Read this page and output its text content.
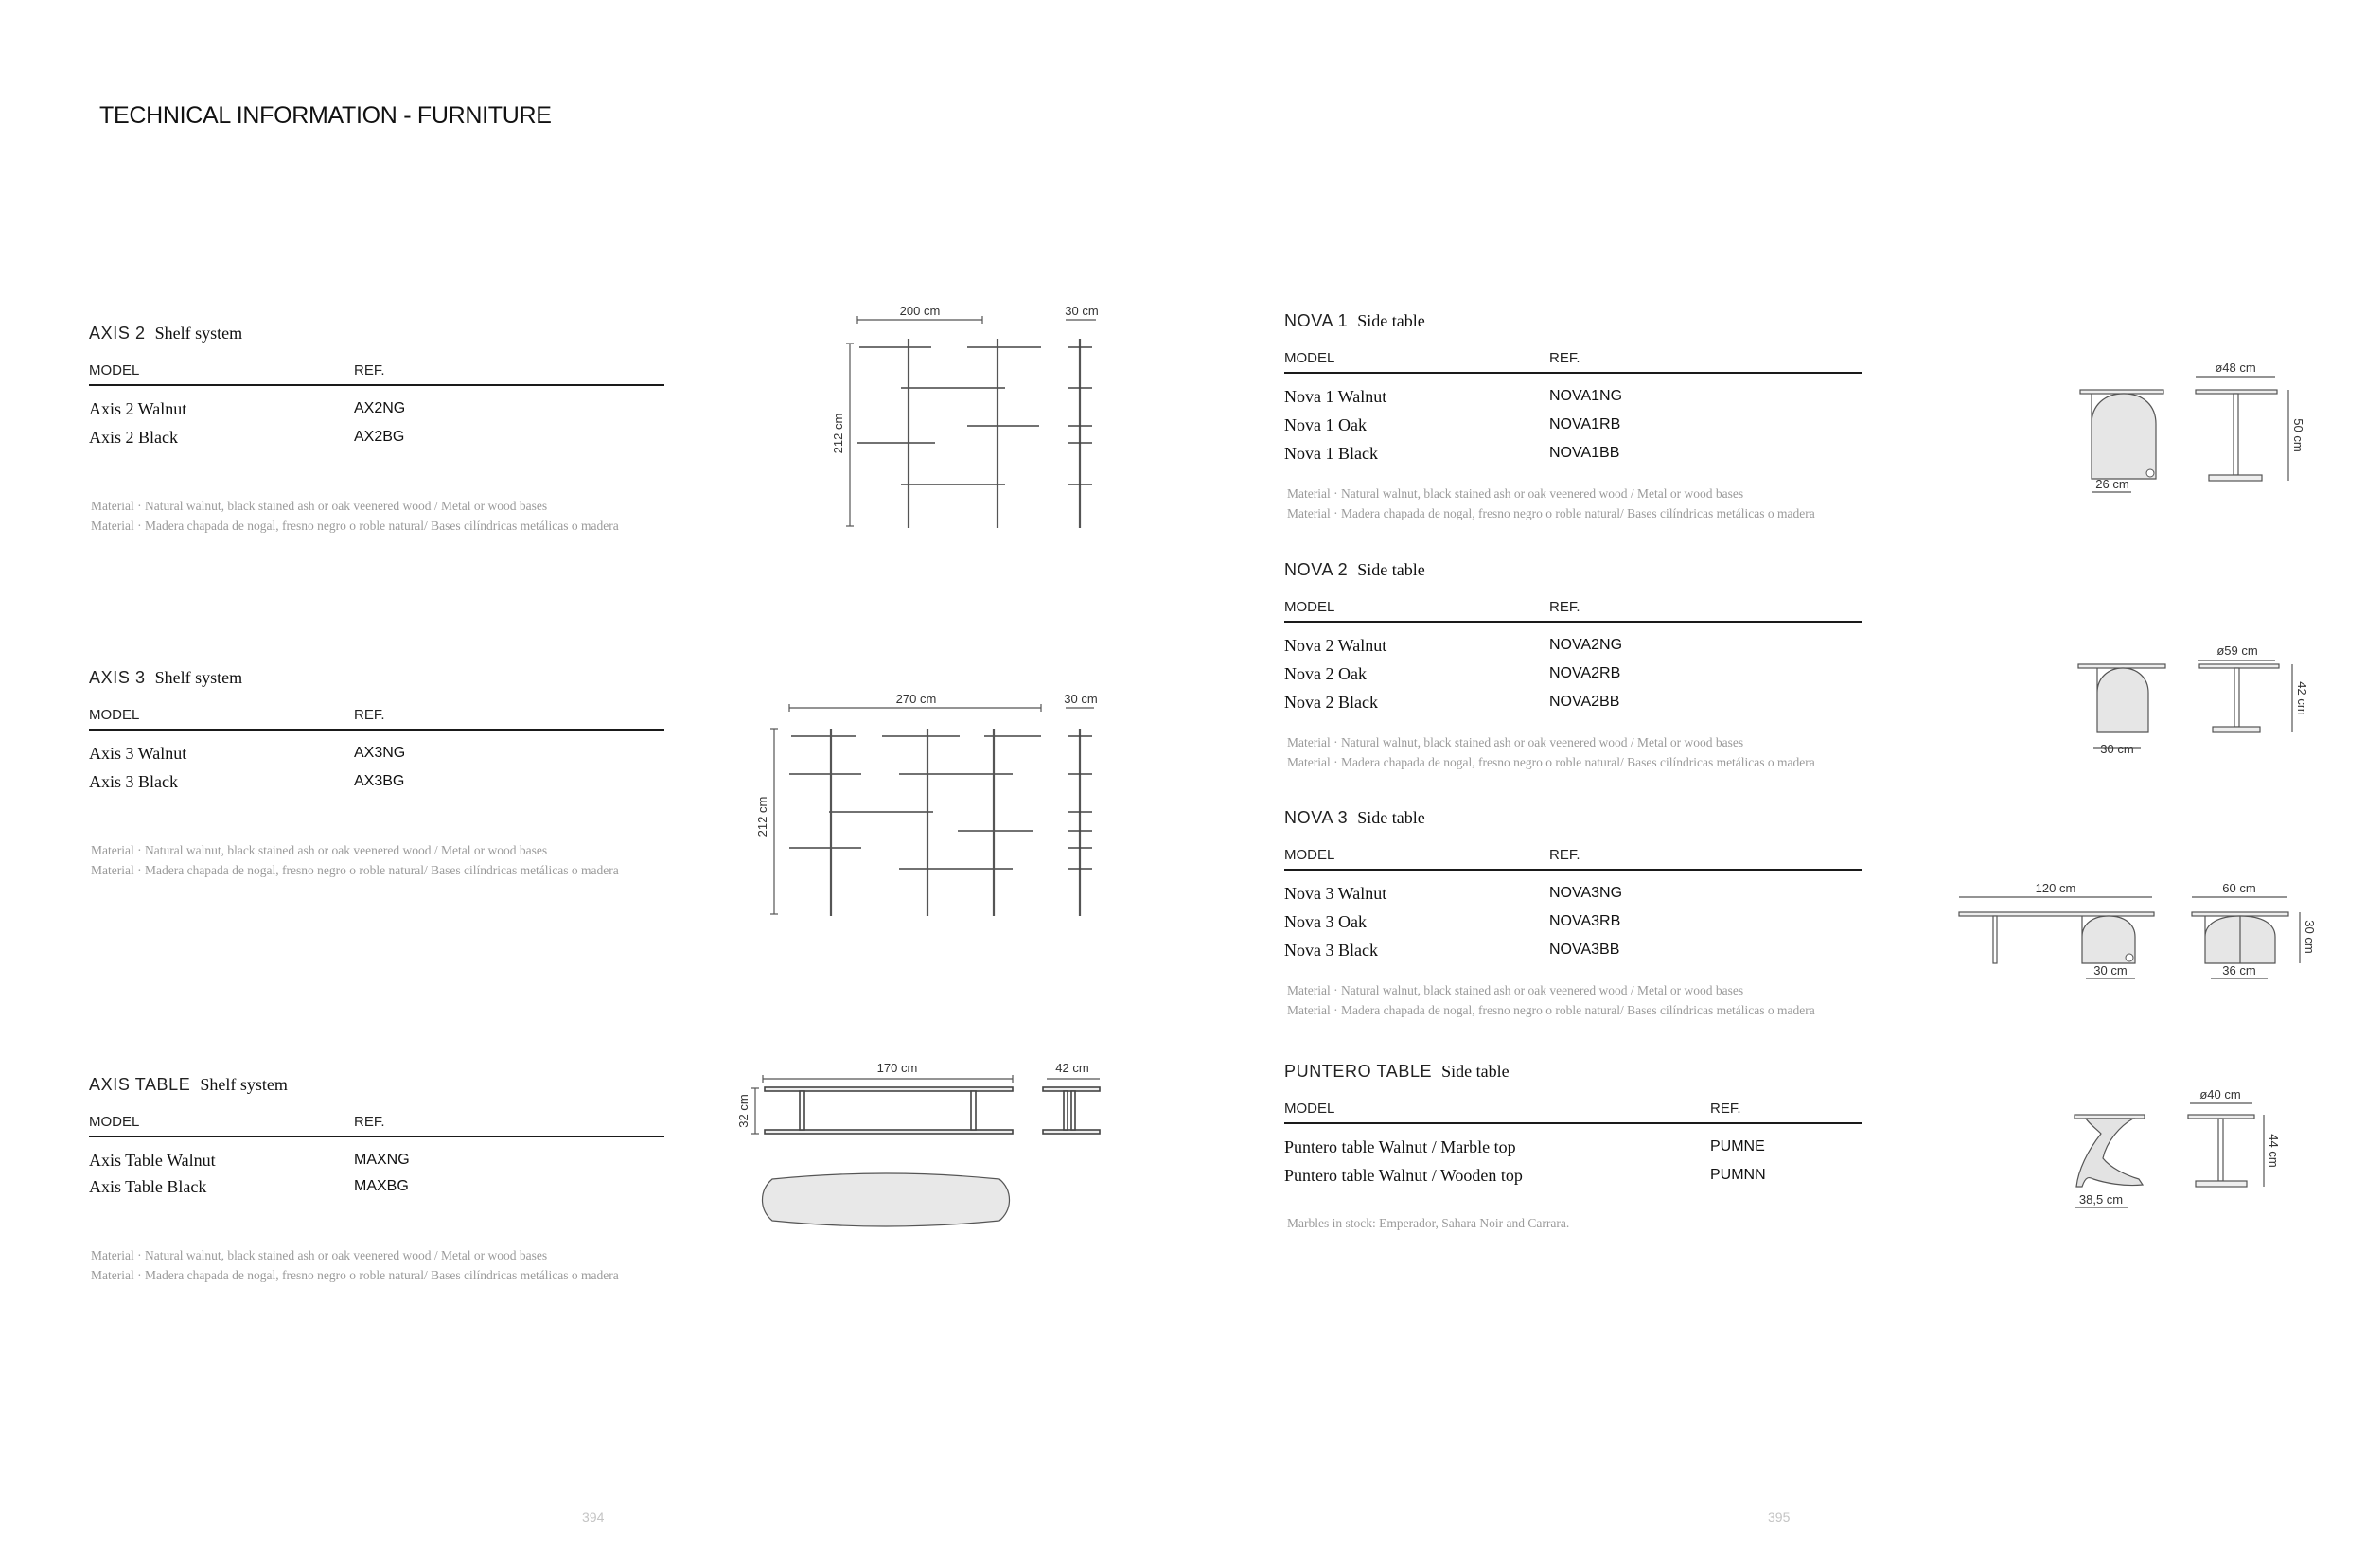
TECHNICAL INFORMATION - FURNITURE
AXIS 2 Shelf system
MODEL	REF.
Axis 2 Walnut	AX2NG
Axis 2 Black	AX2BG
Material · Natural walnut, black stained ash or oak veenered wood / Metal or wood bases
Material · Madera chapada de nogal, fresno negro o roble natural/ Bases cilíndricas metálicas o madera
200 cm	30 cm
212 cm
AXIS 3 Shelf system
MODEL	REF.
Axis 3 Walnut	AX3NG
Axis 3 Black	AX3BG
Material · Natural walnut, black stained ash or oak veenered wood / Metal or wood bases
Material · Madera chapada de nogal, fresno negro o roble natural/ Bases cilíndricas metálicas o madera
270 cm	30 cm
212 cm
AXIS TABLE Shelf system
MODEL	REF.
Axis Table Walnut	MAXNG
Axis Table Black	MAXBG
Material · Natural walnut, black stained ash or oak veenered wood / Metal or wood bases
Material · Madera chapada de nogal, fresno negro o roble natural/ Bases cilíndricas metálicas o madera
170 cm	42 cm
32 cm
NOVA 1 Side table
MODEL	REF.
Nova 1 Walnut	NOVA1NG
Nova 1 Oak	NOVA1RB
Nova 1 Black	NOVA1BB
Material · Natural walnut, black stained ash or oak veenered wood / Metal or wood bases
Material · Madera chapada de nogal, fresno negro o roble natural/ Bases cilíndricas metálicas o madera
ø48 cm
50 cm
26 cm
NOVA 2 Side table
MODEL	REF.
Nova 2 Walnut	NOVA2NG
Nova 2 Oak	NOVA2RB
Nova 2 Black	NOVA2BB
Material · Natural walnut, black stained ash or oak veenered wood / Metal or wood bases
Material · Madera chapada de nogal, fresno negro o roble natural/ Bases cilíndricas metálicas o madera
ø59 cm
42 cm
30 cm
NOVA 3 Side table
MODEL	REF.
Nova 3 Walnut	NOVA3NG
Nova 3 Oak	NOVA3RB
Nova 3 Black	NOVA3BB
Material · Natural walnut, black stained ash or oak veenered wood / Metal or wood bases
Material · Madera chapada de nogal, fresno negro o roble natural/ Bases cilíndricas metálicas o madera
120 cm	60 cm
30 cm
30 cm	36 cm
PUNTERO TABLE Side table
MODEL	REF.
Puntero table Walnut / Marble top	PUMNE
Puntero table Walnut / Wooden top	PUMNN
Marbles in stock: Emperador, Sahara Noir and Carrara.
ø40 cm
44 cm
38,5 cm
394	395
